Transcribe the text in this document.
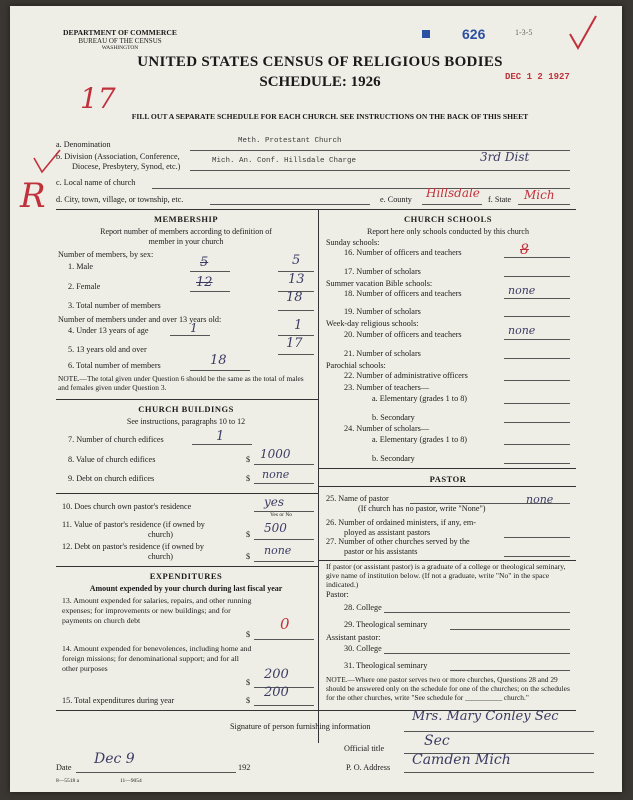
DEPARTMENT OF COMMERCE
BUREAU OF THE CENSUS
WASHINGTON
626	1-3-5
UNITED STATES CENSUS OF RELIGIOUS BODIES
SCHEDULE: 1926	DEC 1 2 1927
17
FILL OUT A SEPARATE SCHEDULE FOR EACH CHURCH. SEE INSTRUCTIONS ON THE BACK OF THIS SHEET
a. Denomination	Meth. Protestant Church
b. Division (Association, Conference,
Diocese, Presbytery, Synod, etc.)
Mich. An. Conf. Hillsdale Charge	3rd Dist
c. Local name of church
R d. City, town, village, or township, etc.	e. County Hillsdale f. State Mich
MEMBERSHIP
Report number of members according to definition of
member in your church
Number of members, by sex:
1. Male	5	5
2. Female	12	13
3. Total number of members
18
Number of members under and over 13 years old:
4. Under 13 years of age	1	1
5. 13 years old and over	17
6. Total number of members	18
NOTE.—The total given under Question 6 should be the same as the total of males and females given under Question 3.
CHURCH BUILDINGS
See instructions, paragraphs 10 to 12
7. Number of church edifices	1
8. Value of church edifices	$ 1000
9. Debt on church edifices	$ none
10. Does church own pastor's residence	yes
Yes or No
11. Value of pastor's residence (if owned by
church)	$ 500
12. Debt on pastor's residence (if owned by
church)	$ none
EXPENDITURES
Amount expended by your church during last fiscal year
13. Amount expended for salaries, repairs, and other running expenses; for improvements or new buildings; and for payments on church debt
$
0
14. Amount expended for benevolences, including home and foreign missions; for denominational support; and for all other purposes
$
200
15. Total expenditures during year	$
200
CHURCH SCHOOLS
Report here only schools conducted by this church
Sunday schools:
16. Number of officers and teachers	8
17. Number of scholars
Summer vacation Bible schools:
18. Number of officers and teachers	none
19. Number of scholars
Week-day religious schools:
20. Number of officers and teachers	none
21. Number of scholars
Parochial schools:
22. Number of administrative officers
23. Number of teachers—
a. Elementary (grades 1 to 8)
b. Secondary
24. Number of scholars—
a. Elementary (grades 1 to 8)
b. Secondary
PASTOR
25. Name of pastor
(If church has no pastor, write "None")
none
26. Number of ordained ministers, if any, em-
ployed as assistant pastors
27. Number of other churches served by the
pastor or his assistants
If pastor (or assistant pastor) is a graduate of a college or theological seminary, give name of institution below. (If not a graduate, write "No" in the space indicated.)
Pastor:
28. College
29. Theological seminary
Assistant pastor:
30. College
31. Theological seminary
NOTE.—Where one pastor serves two or more churches, Questions 28 and 29 should be answered only on the schedule for one of the churches; on the schedules for the other churches, write "See schedule for __________ church."
Signature of person furnishing information
Mrs. Mary Conley Sec
Official title	Sec
Date
Dec 9
192	P. O. Address Camden Mich
8—5518 a	11—9054
